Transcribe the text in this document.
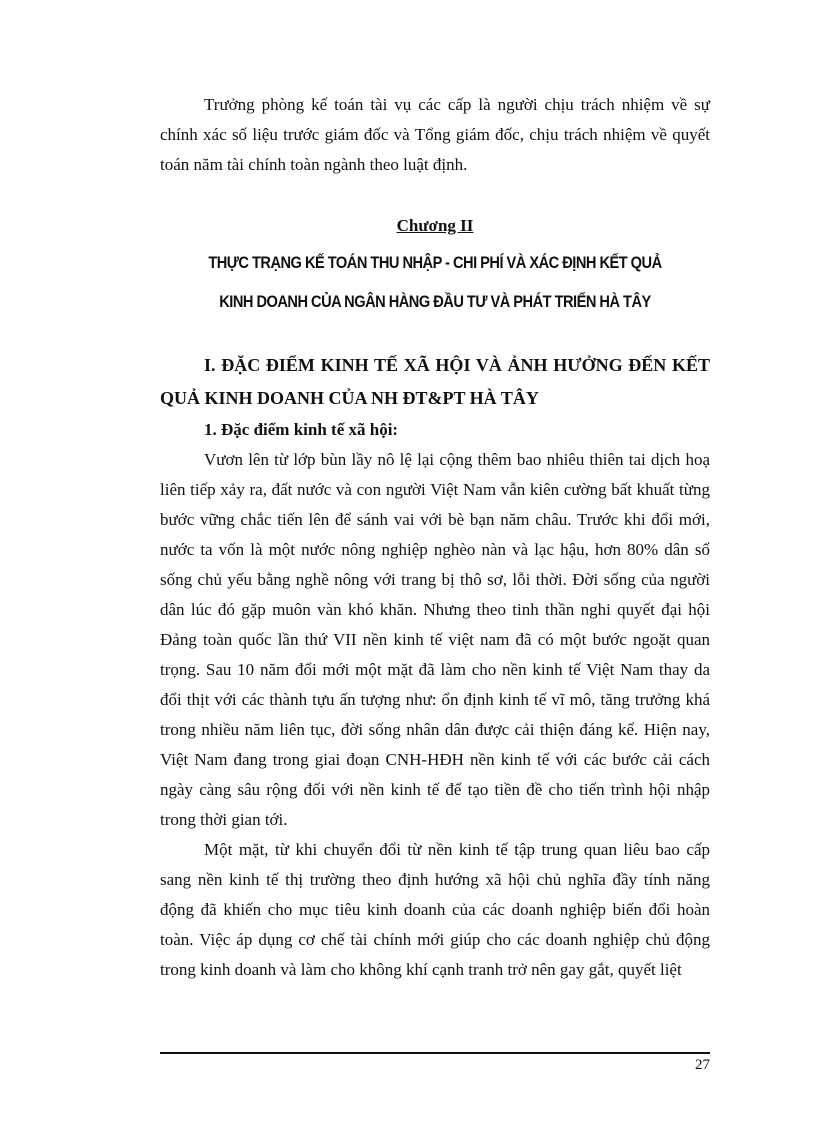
Trưởng phòng kế toán tài vụ các cấp là người chịu trách nhiệm về sự chính xác số liệu trước giám đốc và Tổng giám đốc, chịu trách nhiệm về quyết toán năm tài chính toàn ngành theo luật định.

Chương II
THỰC TRẠNG KẾ TOÁN THU NHẬP - CHI PHÍ VÀ XÁC ĐỊNH KẾT QUẢ
KINH DOANH CỦA NGÂN HÀNG ĐẦU TƯ VÀ PHÁT TRIỂN HÀ TÂY
I. ĐẶC ĐIỂM KINH TẾ XÃ HỘI VÀ ẢNH HƯỞNG ĐẾN KẾT QUẢ KINH DOANH CỦA NH ĐT&PT HÀ TÂY
1. Đặc điểm kinh tế xã hội:

Vươn lên từ lớp bùn lầy nô lệ lại cộng thêm bao nhiêu thiên tai dịch hoạ liên tiếp xảy ra, đất nước và con người Việt Nam vẫn kiên cường bất khuất từng bước vững chắc tiến lên để sánh vai với bè bạn năm châu. Trước khi đổi mới, nước ta vốn là một nước nông nghiệp nghèo nàn và lạc hậu, hơn 80% dân số sống chủ yếu bằng nghề nông với trang bị thô sơ, lỗi thời. Đời sống của người dân lúc đó gặp muôn vàn khó khăn. Nhưng theo tinh thần nghi quyết đại hội Đảng toàn quốc lần thứ VII nền kinh tế việt nam đã có một bước ngoặt quan trọng. Sau 10 năm đổi mới một mặt đã làm cho nền kinh tế Việt Nam thay da đổi thịt với các thành tựu ấn tượng như: ổn định kinh tế vĩ mô, tăng trưởng khá trong nhiều năm liên tục, đời sống nhân dân được cải thiện đáng kể. Hiện nay, Việt Nam đang trong giai đoạn CNH-HĐH nền kinh tế với các bước cải cách ngày càng sâu rộng đối với nền kinh tế để tạo tiền đề cho tiến trình hội nhập trong thời gian tới.

Một mặt, từ khi chuyển đổi từ nền kinh tế tập trung quan liêu bao cấp sang nền kinh tế thị trường theo định hướng xã hội chủ nghĩa đầy tính năng động đã khiến cho mục tiêu kinh doanh của các doanh nghiệp biến đổi hoàn toàn. Việc áp dụng cơ chế tài chính mới giúp cho các doanh nghiệp chủ động trong kinh doanh và làm cho không khí cạnh tranh trở nên gay gắt, quyết liệt

27
